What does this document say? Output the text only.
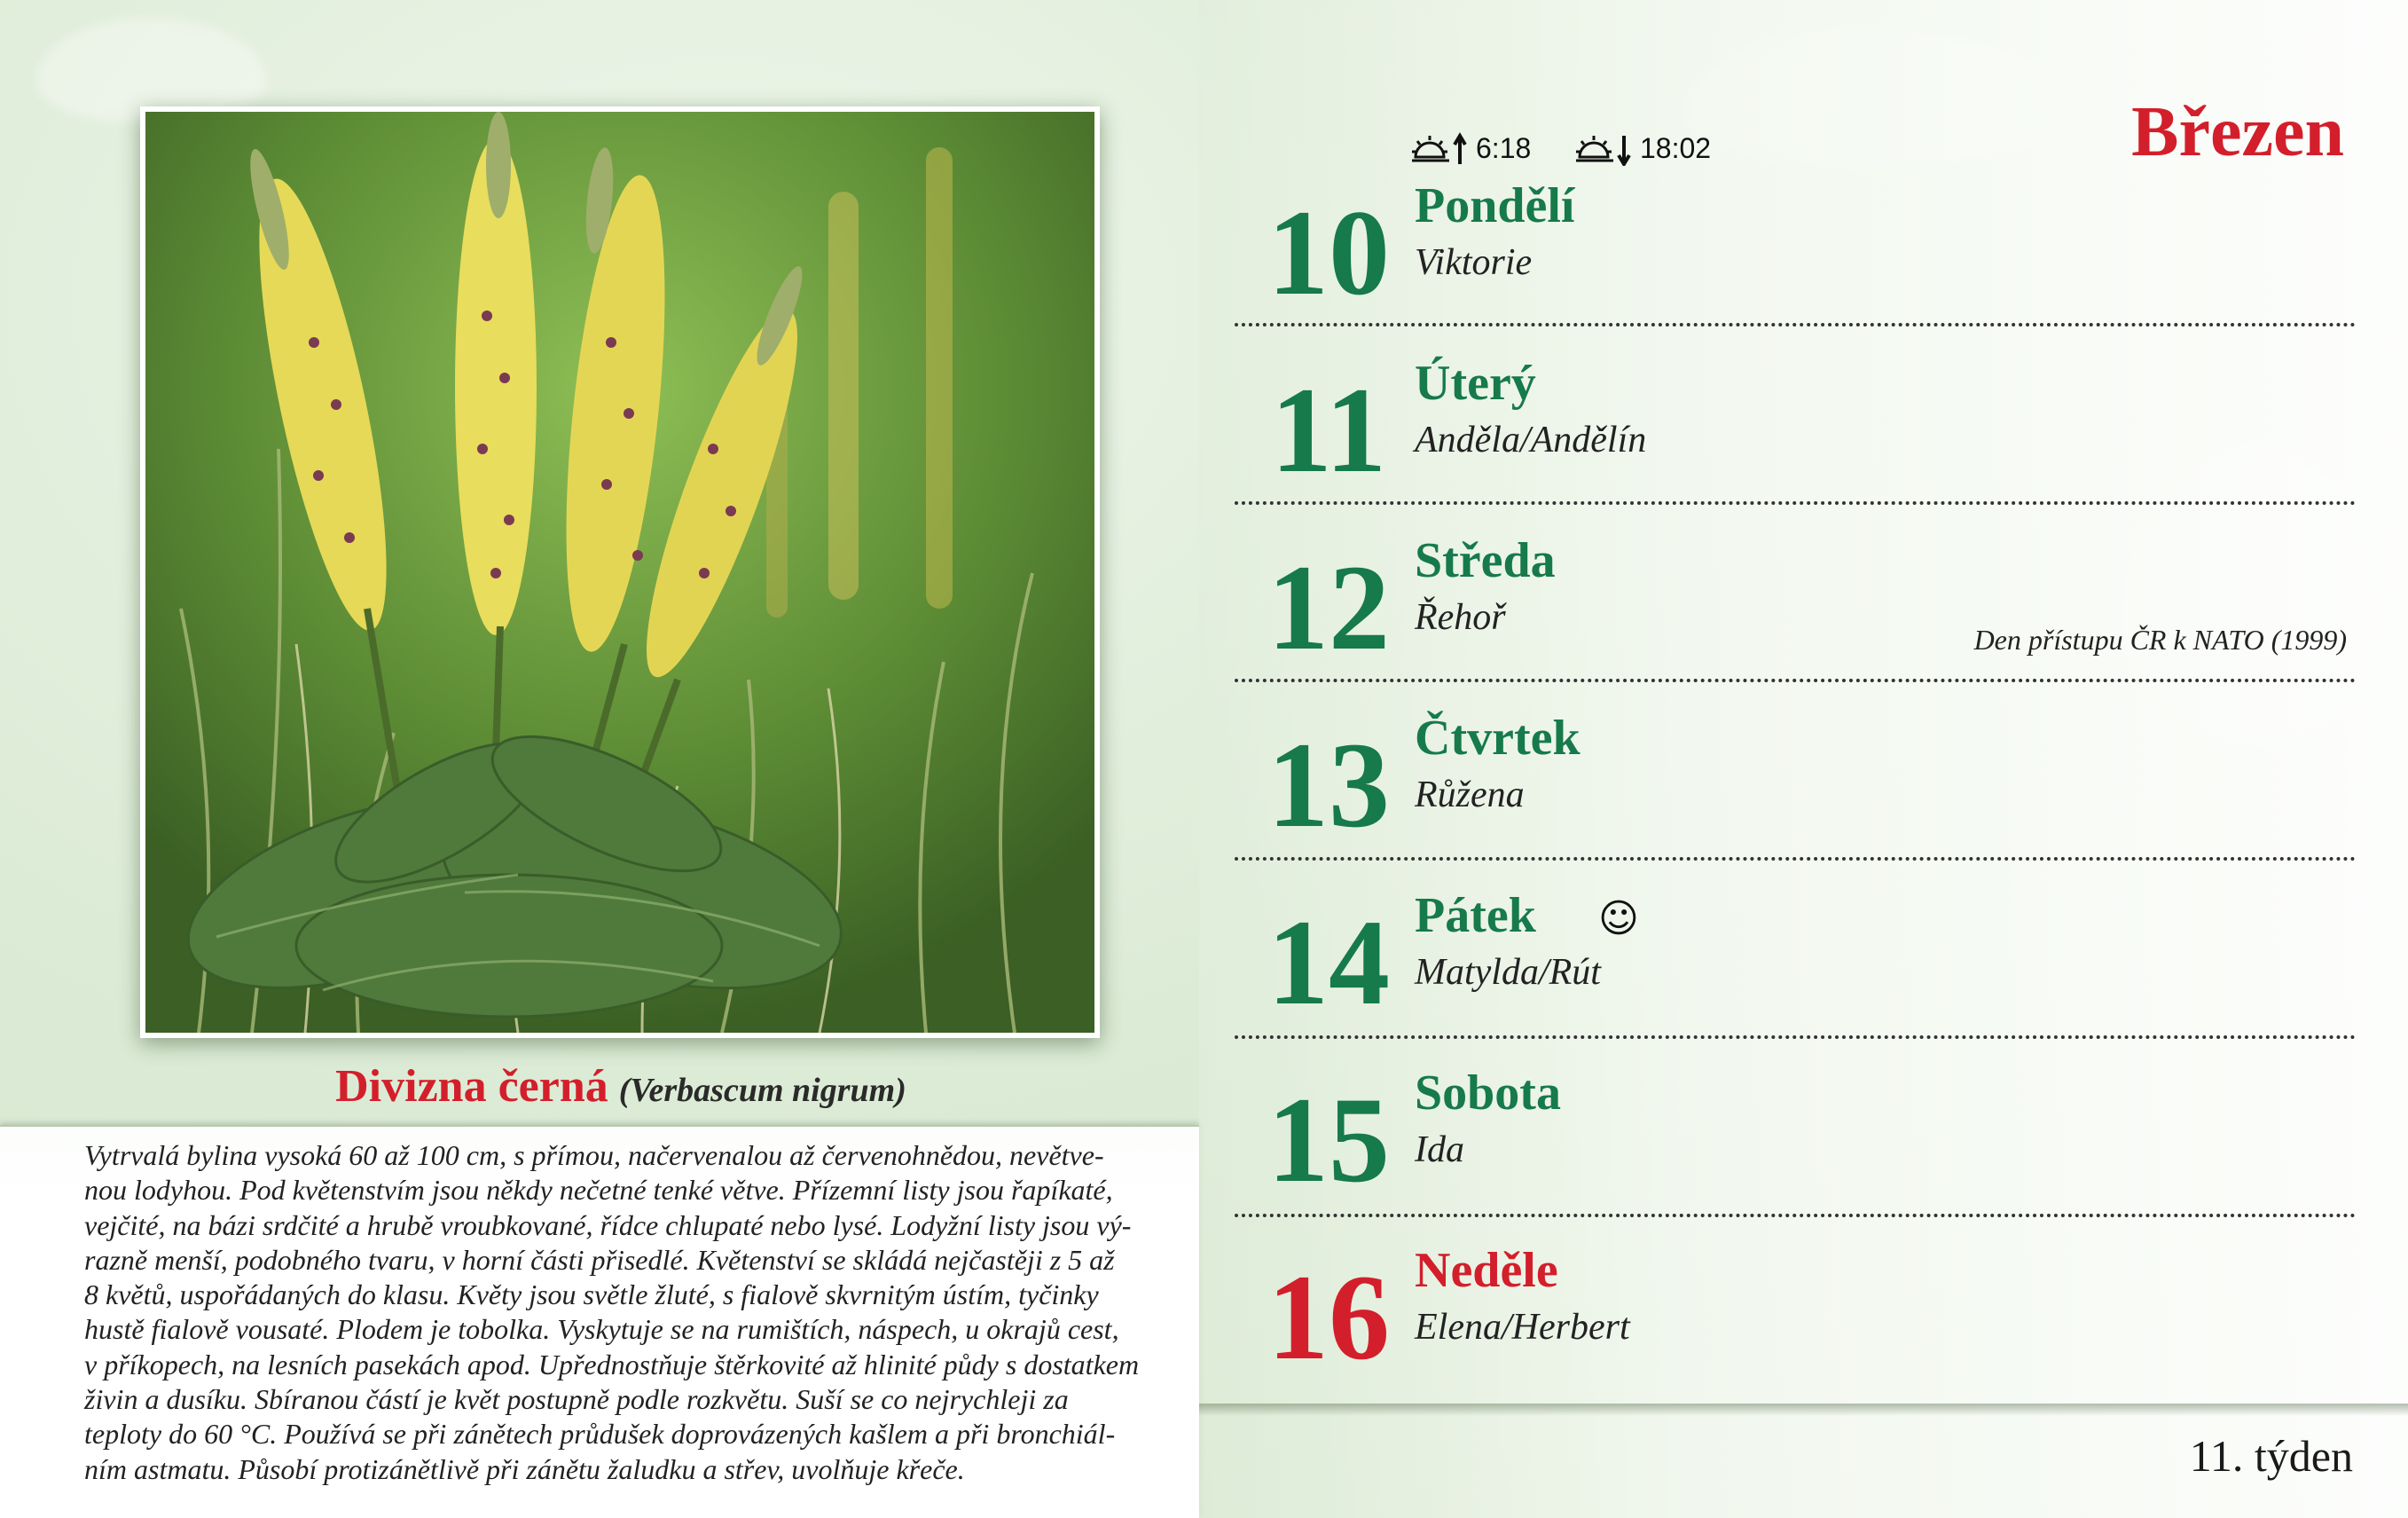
Divizna černá (Verbascum nigrum)
Vytrvalá bylina vysoká 60 až 100 cm, s přímou, načervenalou až červenohnědou, nevětve-
nou lodyhou. Pod květenstvím jsou někdy nečetné tenké větve. Přízemní listy jsou řapíkaté,
vejčité, na bázi srdčité a hrubě vroubkované, řídce chlupaté nebo lysé. Lodyžní listy jsou vý-
razně menší, podobného tvaru, v horní části přisedlé. Květenství se skládá nejčastěji z 5 až
8 květů, uspořádaných do klasu. Květy jsou světle žluté, s fialově skvrnitým ústím, tyčinky
hustě fialově vousaté. Plodem je tobolka. Vyskytuje se na rumištích, náspech, u okrajů cest,
v příkopech, na lesních pasekách apod. Upřednostňuje štěrkovité až hlinité půdy s dostatkem
živin a dusíku. Sbíranou částí je květ postupně podle rozkvětu. Suší se co nejrychleji za
teploty do 60 °C. Používá se při zánětech průdušek doprovázených kašlem a při bronchiál-
ním astmatu. Působí protizánětlivě při zánětu žaludku a střev, uvolňuje křeče.
6:18	18:02	Březen
10 Pondělí
Viktorie
11 Úterý
Anděla/Andělín
12 Středa
Řehoř
Den přístupu ČR k NATO (1999)
13 Čtvrtek
Růžena
14 Pátek ☺
Matylda/Rút
15 Sobota
Ida
16 Neděle
Elena/Herbert
11. týden
